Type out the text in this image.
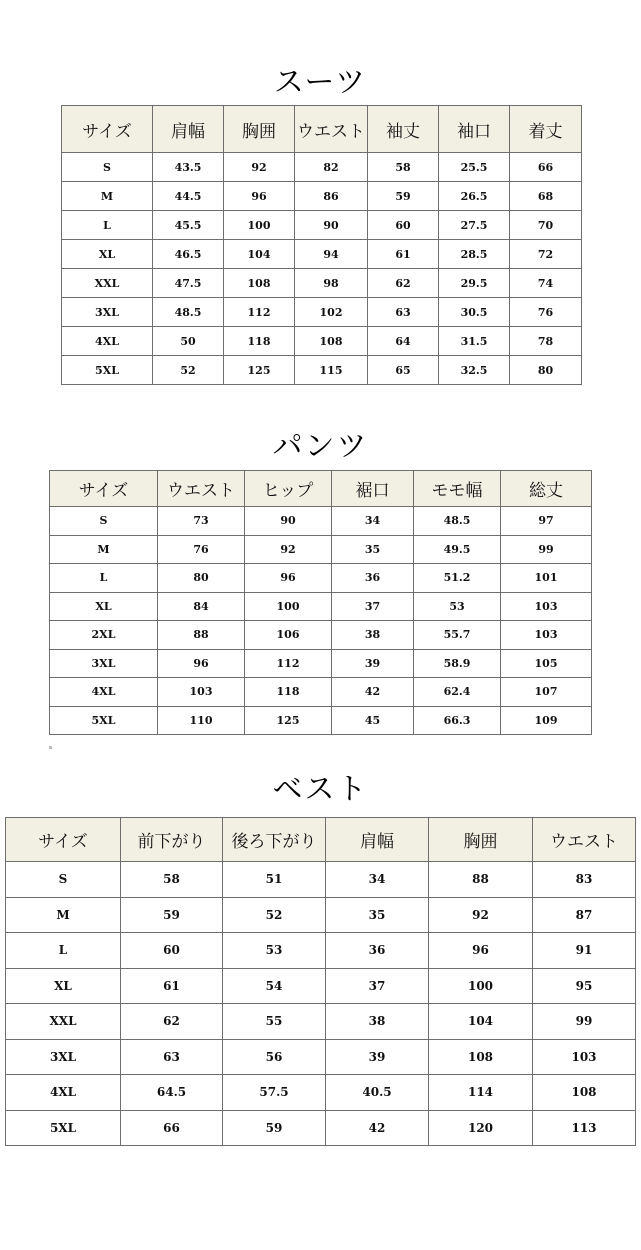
スーツ
サイズ	肩幅	胸囲	ウエスト	袖丈	袖口	着丈
S	43.5	92	82	58	25.5	66
M	44.5	96	86	59	26.5	68
L	45.5	100	90	60	27.5	70
XL	46.5	104	94	61	28.5	72
XXL	47.5	108	98	62	29.5	74
3XL	48.5	112	102	63	30.5	76
4XL	50	118	108	64	31.5	78
5XL	52	125	115	65	32.5	80
パンツ
サイズ	ウエスト	ヒップ	裾口	モモ幅	総丈
S	73	90	34	48.5	97
M	76	92	35	49.5	99
L	80	96	36	51.2	101
XL	84	100	37	53	103
2XL	88	106	38	55.7	103
3XL	96	112	39	58.9	105
4XL	103	118	42	62.4	107
5XL	110	125	45	66.3	109
ベスト
サイズ	前下がり	後ろ下がり	肩幅	胸囲	ウエスト
S	58	51	34	88	83
M	59	52	35	92	87
L	60	53	36	96	91
XL	61	54	37	100	95
XXL	62	55	38	104	99
3XL	63	56	39	108	103
4XL	64.5	57.5	40.5	114	108
5XL	66	59	42	120	113
